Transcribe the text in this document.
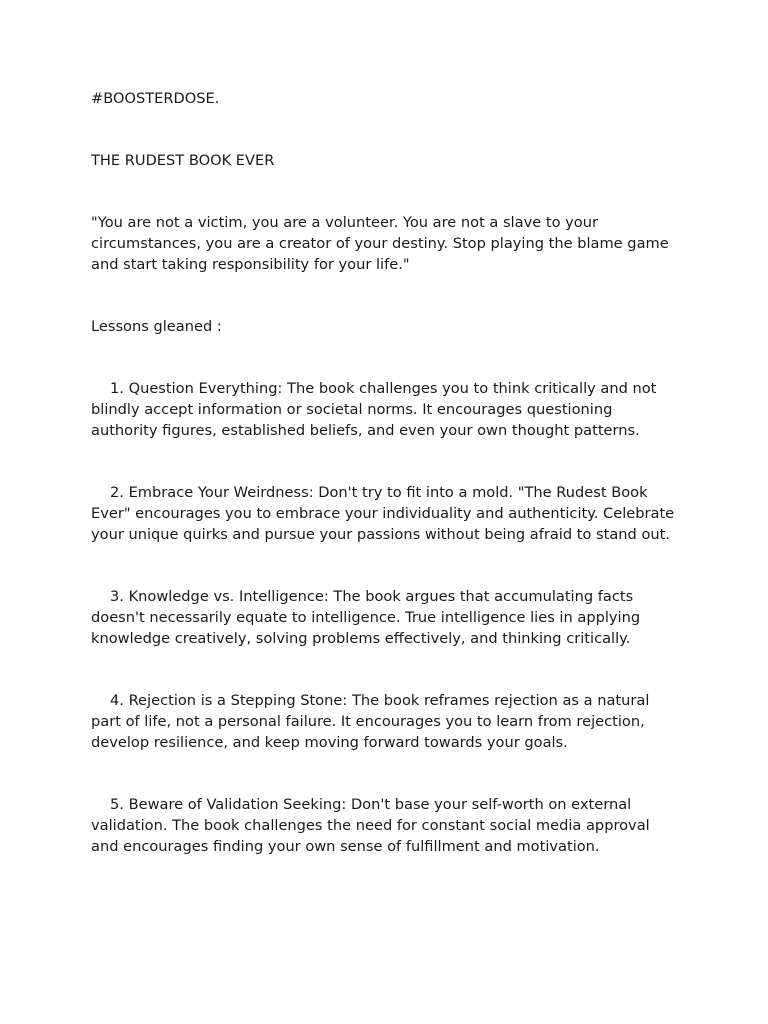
#BOOSTERDOSE.

THE RUDEST BOOK EVER

"You are not a victim, you are a volunteer. You are not a slave to your circumstances, you are a creator of your destiny. Stop playing the blame game and start taking responsibility for your life."

Lessons gleaned :

1. Question Everything: The book challenges you to think critically and not blindly accept information or societal norms. It encourages questioning authority figures, established beliefs, and even your own thought patterns.

2. Embrace Your Weirdness: Don't try to fit into a mold. "The Rudest Book Ever" encourages you to embrace your individuality and authenticity. Celebrate your unique quirks and pursue your passions without being afraid to stand out.

3. Knowledge vs. Intelligence: The book argues that accumulating facts doesn't necessarily equate to intelligence. True intelligence lies in applying knowledge creatively, solving problems effectively, and thinking critically.

4. Rejection is a Stepping Stone: The book reframes rejection as a natural part of life, not a personal failure. It encourages you to learn from rejection, develop resilience, and keep moving forward towards your goals.

5. Beware of Validation Seeking: Don't base your self-worth on external validation. The book challenges the need for constant social media approval and encourages finding your own sense of fulfillment and motivation.
